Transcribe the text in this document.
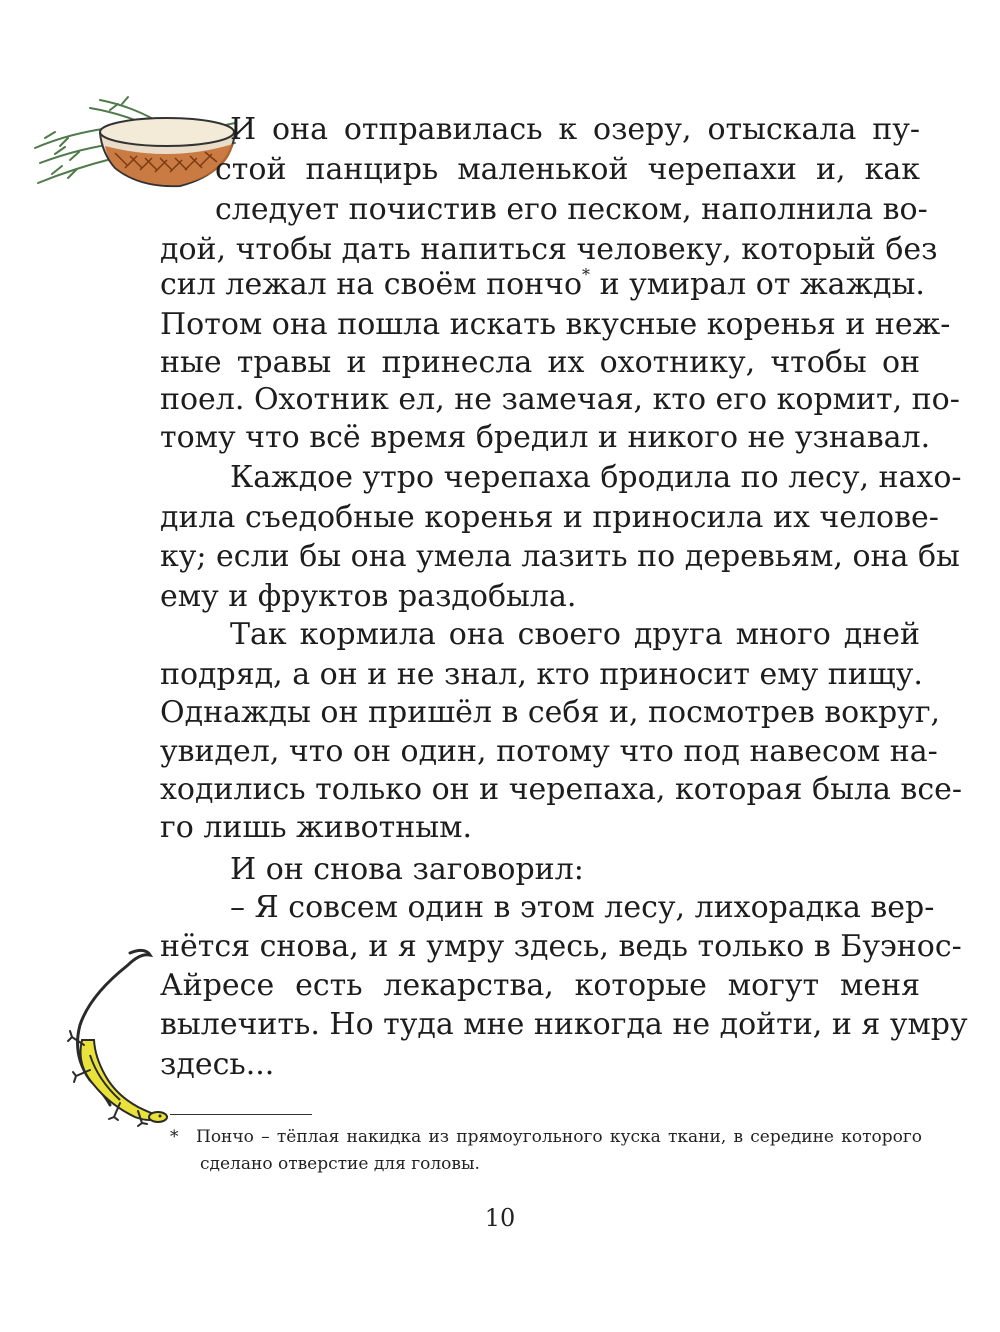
И она отправилась к озеру, отыскала пу-
стой панцирь маленькой черепахи и, как
следует почистив его песком, наполнила во-
дой, чтобы дать напиться человеку, который без
сил лежал на своём пончо* и умирал от жажды.
Потом она пошла искать вкусные коренья и неж-
ные травы и принесла их охотнику, чтобы он
поел. Охотник ел, не замечая, кто его кормит, по-
тому что всё время бредил и никого не узнавал.
Каждое утро черепаха бродила по лесу, нахо-
дила съедобные коренья и приносила их челове-
ку; если бы она умела лазить по деревьям, она бы
ему и фруктов раздобыла.
Так кормила она своего друга много дней
подряд, а он и не знал, кто приносит ему пищу.
Однажды он пришёл в себя и, посмотрев вокруг,
увидел, что он один, потому что под навесом на-
ходились только он и черепаха, которая была все-
го лишь животным.
И он снова заговорил:
– Я совсем один в этом лесу, лихорадка вер-
нётся снова, и я умру здесь, ведь только в Буэнос-
Айресе есть лекарства, которые могут меня
вылечить. Но туда мне никогда не дойти, и я умру
здесь...
* Пончо – тёплая накидка из прямоугольного куска ткани, в середине которого
сделано отверстие для головы.
10
